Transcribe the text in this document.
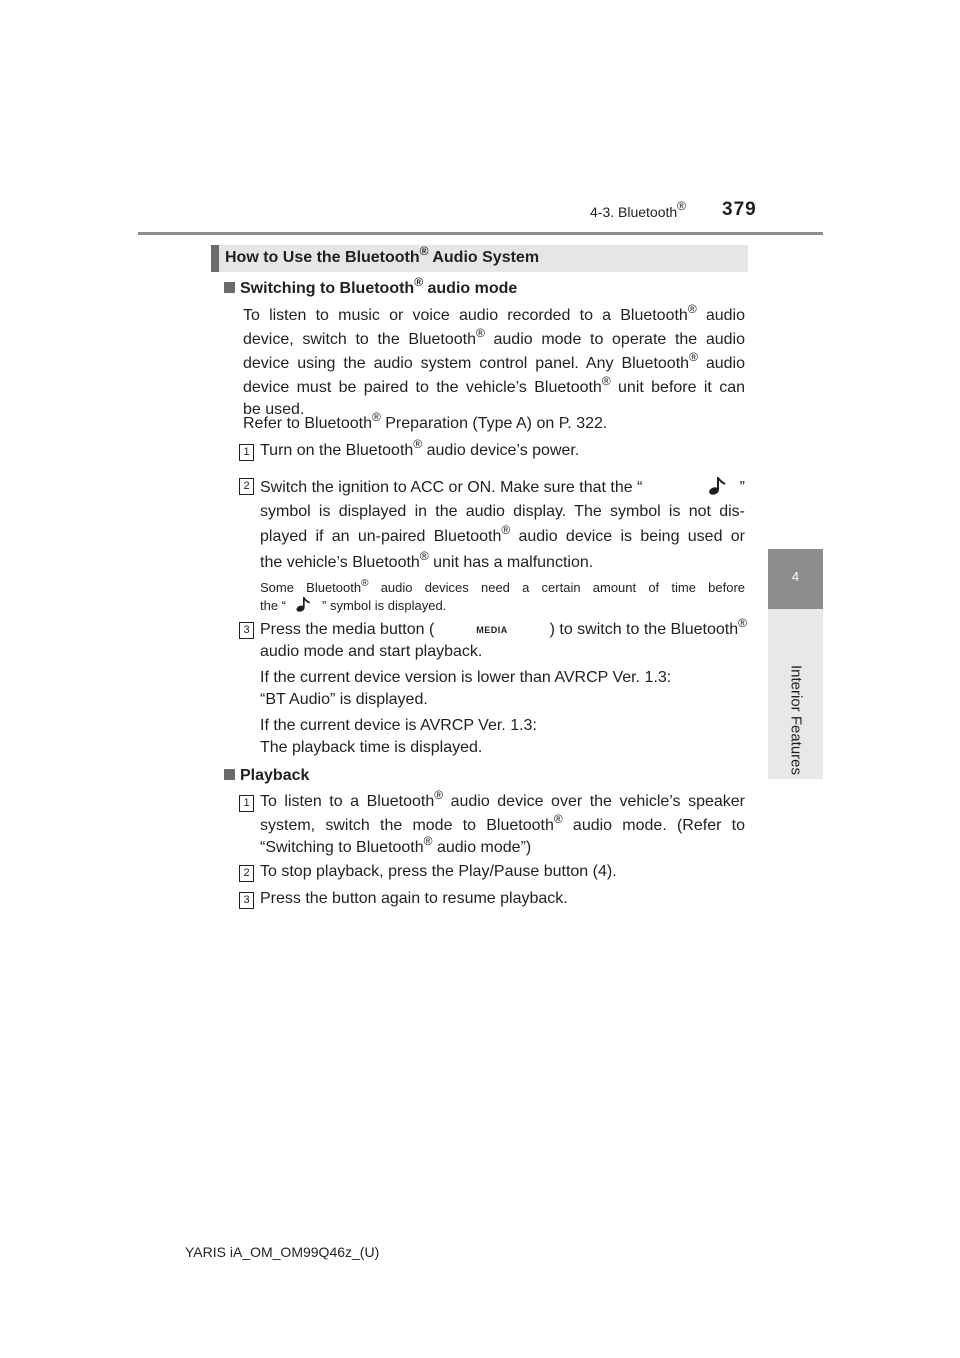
4-3. Bluetooth® 379
4
Interior Features
How to Use the Bluetooth® Audio System
Switching to Bluetooth® audio mode
To listen to music or voice audio recorded to a Bluetooth® audio
device, switch to the Bluetooth® audio mode to operate the audio
device using the audio system control panel. Any Bluetooth® audio
device must be paired to the vehicle’s Bluetooth® unit before it can
be used.
Refer to Bluetooth® Preparation (Type A) on P. 322.
1 Turn on the Bluetooth® audio device’s power.
2 Switch the ignition to ACC or ON. Make sure that the “	”
symbol is displayed in the audio display. The symbol is not dis-
played if an un-paired Bluetooth® audio device is being used or
the vehicle’s Bluetooth® unit has a malfunction.
Some Bluetooth® audio devices need a certain amount of time before
the “	” symbol is displayed.
3 Press the media button (	MEDIA	) to switch to the Bluetooth®
audio mode and start playback.
If the current device version is lower than AVRCP Ver. 1.3:
“BT Audio” is displayed.
If the current device is AVRCP Ver. 1.3:
The playback time is displayed.
Playback
1 To listen to a Bluetooth® audio device over the vehicle’s speaker
system, switch the mode to Bluetooth® audio mode. (Refer to
“Switching to Bluetooth® audio mode”)
2 To stop playback, press the Play/Pause button (4).
3 Press the button again to resume playback.
YARIS iA_OM_OM99Q46z_(U)
